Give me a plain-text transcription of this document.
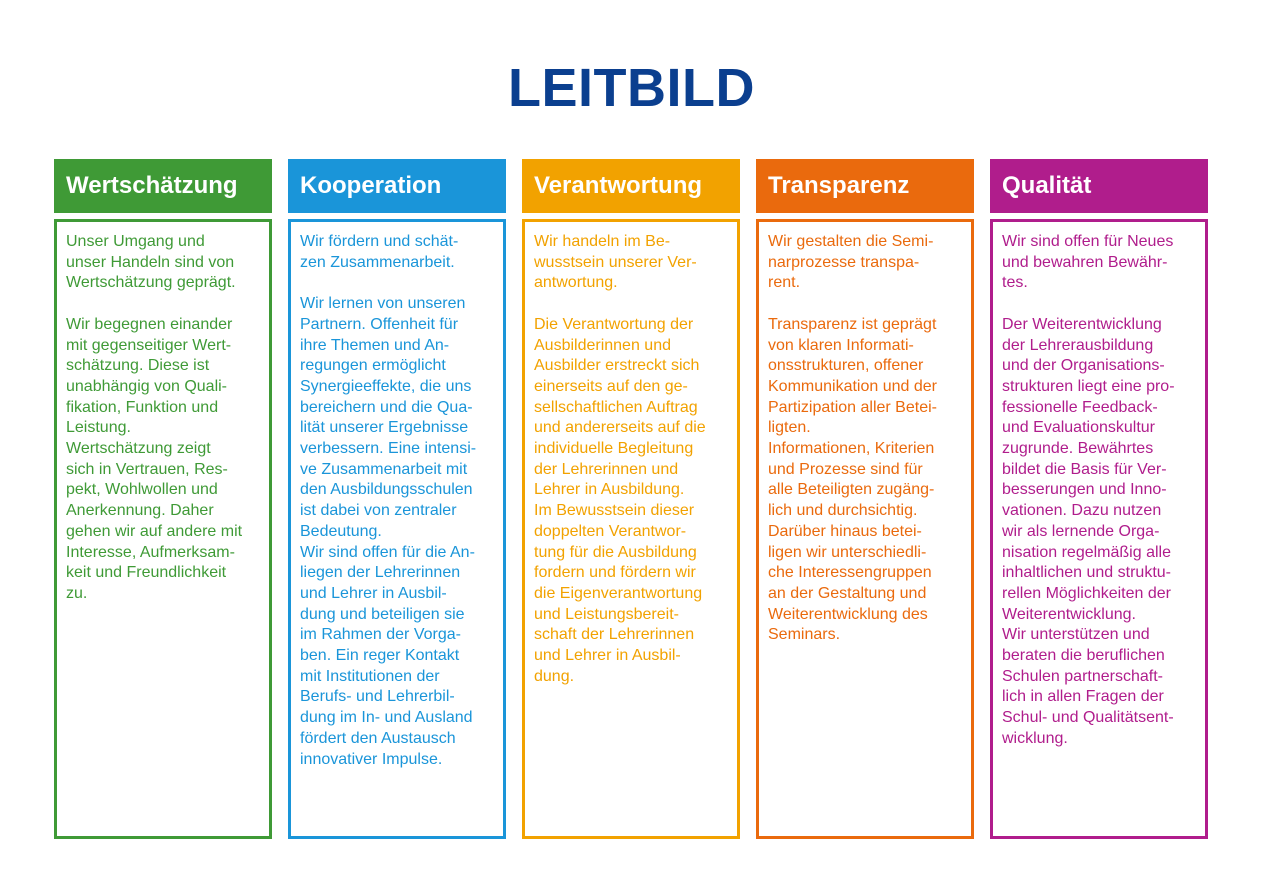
LEITBILD
Wertschätzung

Unser Umgang und
unser Handeln sind von
Wertschätzung geprägt.

Wir begegnen einander
mit gegenseitiger Wert-
schätzung. Diese ist
unabhängig von Quali-
fikation, Funktion und
Leistung.

Wertschätzung zeigt
sich in Vertrauen, Res-
pekt, Wohlwollen und
Anerkennung. Daher
gehen wir auf andere mit
Interesse, Aufmerksam-
keit und Freundlichkeit
zu.

Kooperation

Wir fördern und schät-
zen Zusammenarbeit.

Wir lernen von unseren
Partnern. Offenheit für
ihre Themen und An-
regungen ermöglicht
Synergieeffekte, die uns
bereichern und die Qua-
lität unserer Ergebnisse
verbessern. Eine intensi-
ve Zusammenarbeit mit
den Ausbildungsschulen
ist dabei von zentraler
Bedeutung.

Wir sind offen für die An-
liegen der Lehrerinnen
und Lehrer in Ausbil-
dung und beteiligen sie
im Rahmen der Vorga-
ben. Ein reger Kontakt
mit Institutionen der
Berufs- und Lehrerbil-
dung im In- und Ausland
fördert den Austausch
innovativer Impulse.

Verantwortung

Wir handeln im Be-
wusstsein unserer Ver-
antwortung.

Die Verantwortung der
Ausbilderinnen und
Ausbilder erstreckt sich
einerseits auf den ge-
sellschaftlichen Auftrag
und andererseits auf die
individuelle Begleitung
der Lehrerinnen und
Lehrer in Ausbildung.

Im Bewusstsein dieser
doppelten Verantwor-
tung für die Ausbildung
fordern und fördern wir
die Eigenverantwortung
und Leistungsbereit-
schaft der Lehrerinnen
und Lehrer in Ausbil-
dung.

Transparenz

Wir gestalten die Semi-
narprozesse transpa-
rent.

Transparenz ist geprägt
von klaren Informati-
onsstrukturen, offener
Kommunikation und der
Partizipation aller Betei-
ligten.

Informationen, Kriterien
und Prozesse sind für
alle Beteiligten zugäng-
lich und durchsichtig.

Darüber hinaus betei-
ligen wir unterschiedli-
che Interessengruppen
an der Gestaltung und
Weiterentwicklung des
Seminars.

Qualität

Wir sind offen für Neues
und bewahren Bewähr-
tes.

Der Weiterentwicklung
der Lehrerausbildung
und der Organisations-
strukturen liegt eine pro-
fessionelle Feedback-
und Evaluationskultur
zugrunde. Bewährtes
bildet die Basis für Ver-
besserungen und Inno-
vationen. Dazu nutzen
wir als lernende Orga-
nisation regelmäßig alle
inhaltlichen und struktu-
rellen Möglichkeiten der
Weiterentwicklung.

Wir unterstützen und
beraten die beruflichen
Schulen partnerschaft-
lich in allen Fragen der
Schul- und Qualitätsent-
wicklung.
